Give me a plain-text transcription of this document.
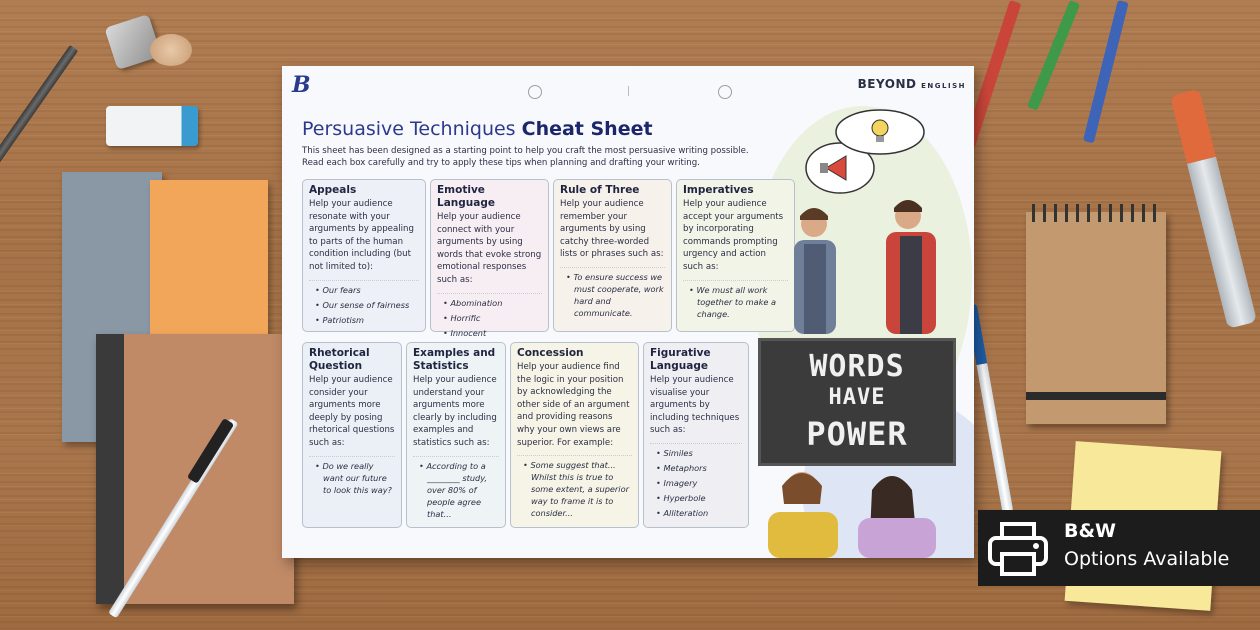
B	BEYOND ENGLISH
Persuasive Techniques Cheat Sheet
This sheet has been designed as a starting point to help you craft the most persuasive writing possible. Read each box carefully and try to apply these tips when planning and drafting your writing.
Appeals
Help your audience resonate with your arguments by appealing to parts of the human condition including (but not limited to):
• Our fears
• Our sense of fairness
• Patriotism
Emotive Language
Help your audience connect with your arguments by using words that evoke strong emotional responses such as:
• Abomination
• Horrific
• Innocent
Rule of Three
Help your audience remember your arguments by using catchy three-worded lists or phrases such as:
• To ensure success we must cooperate, work hard and communicate.
Imperatives
Help your audience accept your arguments by incorporating commands prompting urgency and action such as:
• We must all work together to make a change.
Rhetorical Question
Help your audience consider your arguments more deeply by posing rhetorical questions such as:
• Do we really want our future to look this way?
Examples and Statistics
Help your audience understand your arguments more clearly by including examples and statistics such as:
• According to a ________ study, over 80% of people agree that...
Concession
Help your audience find the logic in your position by acknowledging the other side of an argument and providing reasons why your own views are superior. For example:
• Some suggest that... Whilst this is true to some extent, a superior way to frame it is to consider...
Figurative Language
Help your audience visualise your arguments by including techniques such as:
• Similes
• Metaphors
• Imagery
• Hyperbole
• Alliteration
WORDS
HAVE
POWER
B&W
Options Available
